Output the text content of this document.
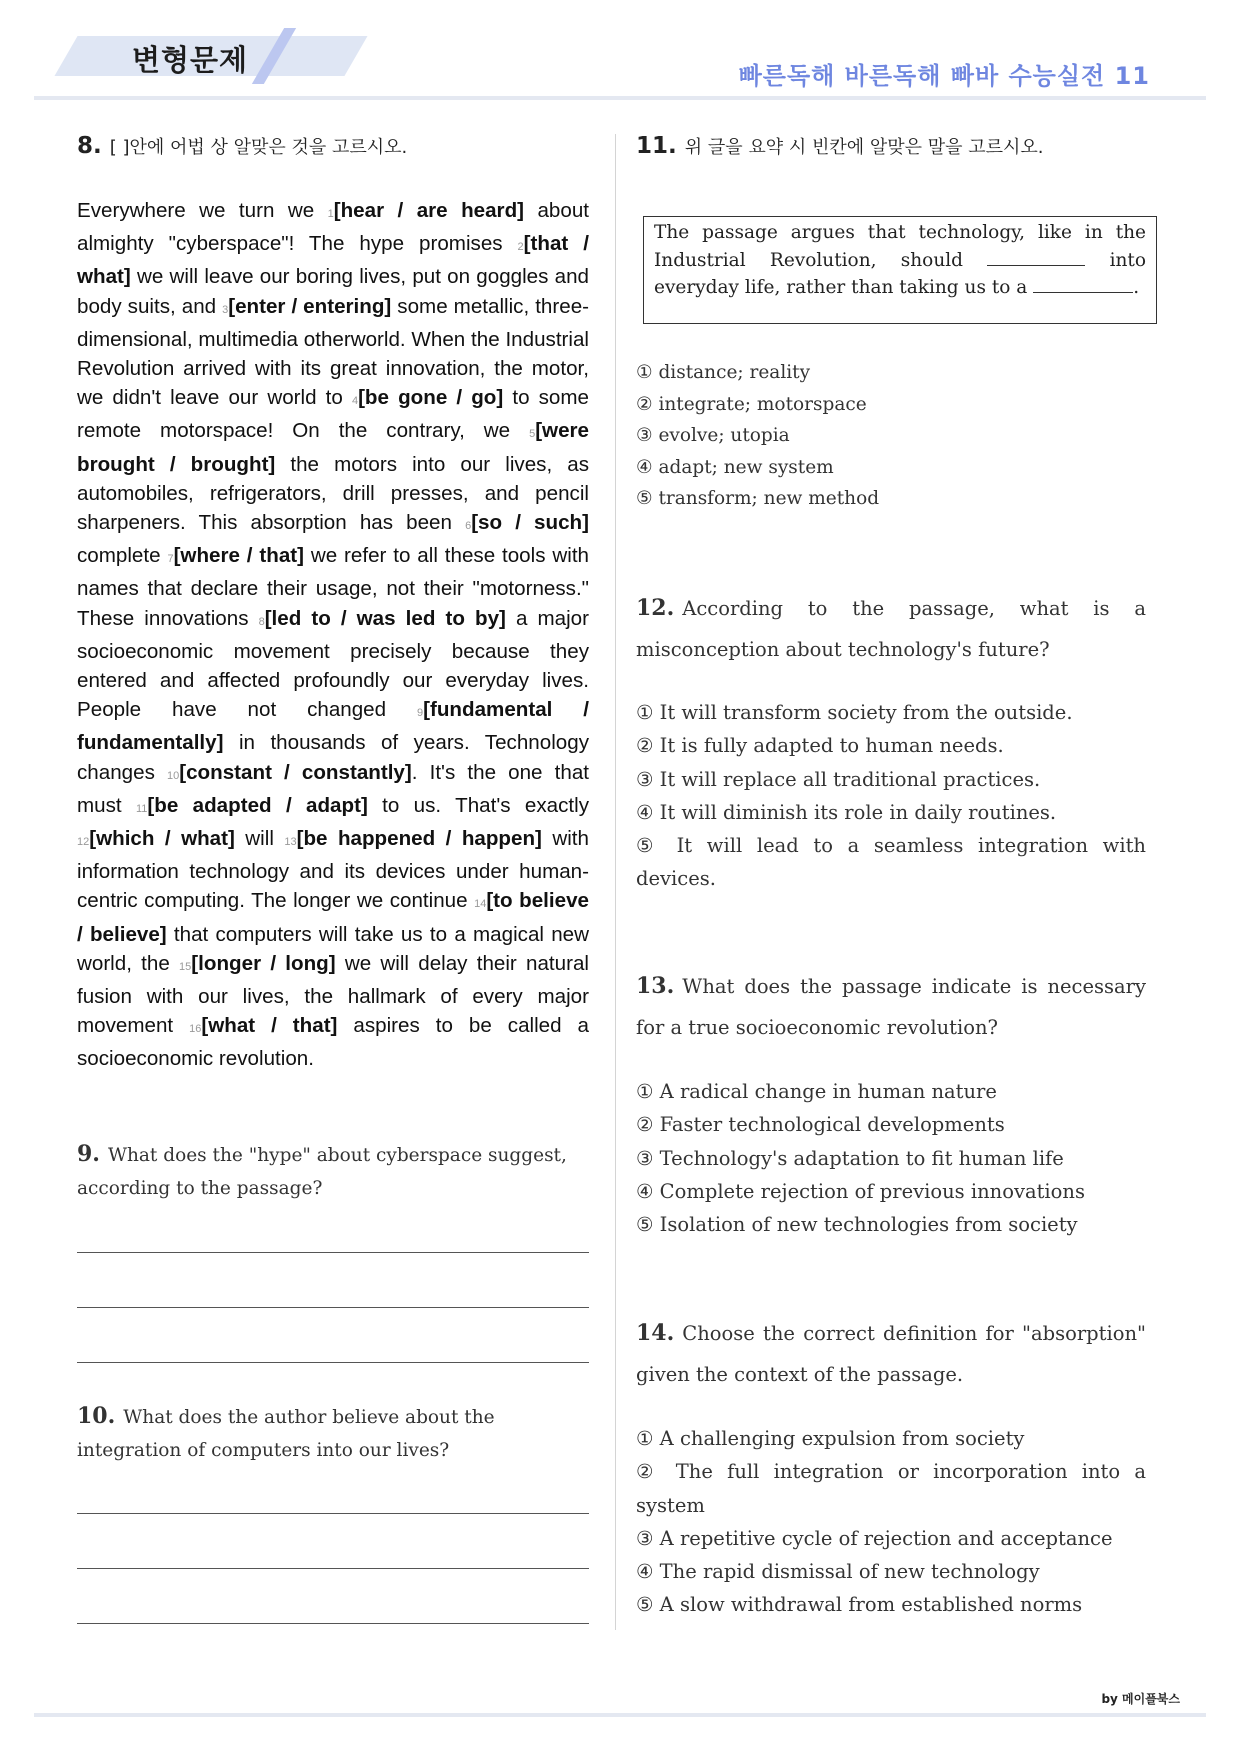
변형문제	빠른독해 바른독해 빠바 수능실전 11
8. [ ]안에 어법 상 알맞은 것을 고르시오.
Everywhere we turn we 1[hear / are heard] about almighty "cyberspace"! The hype promises 2[that / what] we will leave our boring lives, put on goggles and body suits, and 3[enter / entering] some metallic, three-dimensional, multimedia otherworld. When the Industrial Revolution arrived with its great innovation, the motor, we didn't leave our world to 4[be gone / go] to some remote motorspace! On the contrary, we 5[were brought / brought] the motors into our lives, as automobiles, refrigerators, drill presses, and pencil sharpeners. This absorption has been 6[so / such] complete 7[where / that] we refer to all these tools with names that declare their usage, not their "motorness." These innovations 8[led to / was led to by] a major socioeconomic movement precisely because they entered and affected profoundly our everyday lives. People have not changed 9[fundamental / fundamentally] in thousands of years. Technology changes 10[constant / constantly]. It's the one that must 11[be adapted / adapt] to us. That's exactly 12[which / what] will 13[be happened / happen] with information technology and its devices under human-centric computing. The longer we continue 14[to believe / believe] that computers will take us to a magical new world, the 15[longer / long] we will delay their natural fusion with our lives, the hallmark of every major movement 16[what / that] aspires to be called a socioeconomic revolution.
9. What does the "hype" about cyberspace suggest,
according to the passage?
10. What does the author believe about the
integration of computers into our lives?
11. 위 글을 요약 시 빈칸에 알맞은 말을 고르시오.
The passage argues that technology, like in the Industrial Revolution, should	into everyday life, rather than taking us to a	.
① distance; reality
② integrate; motorspace
③ evolve; utopia
④ adapt; new system
⑤ transform; new method
12. According to the passage, what is a misconception about technology's future?
① It will transform society from the outside.
② It is fully adapted to human needs.
③ It will replace all traditional practices.
④ It will diminish its role in daily routines.
⑤ It will lead to a seamless integration with devices.
13. What does the passage indicate is necessary for a true socioeconomic revolution?
① A radical change in human nature
② Faster technological developments
③ Technology's adaptation to fit human life
④ Complete rejection of previous innovations
⑤ Isolation of new technologies from society
14. Choose the correct definition for "absorption" given the context of the passage.
① A challenging expulsion from society
② The full integration or incorporation into a system
③ A repetitive cycle of rejection and acceptance
④ The rapid dismissal of new technology
⑤ A slow withdrawal from established norms
by 메이플북스
